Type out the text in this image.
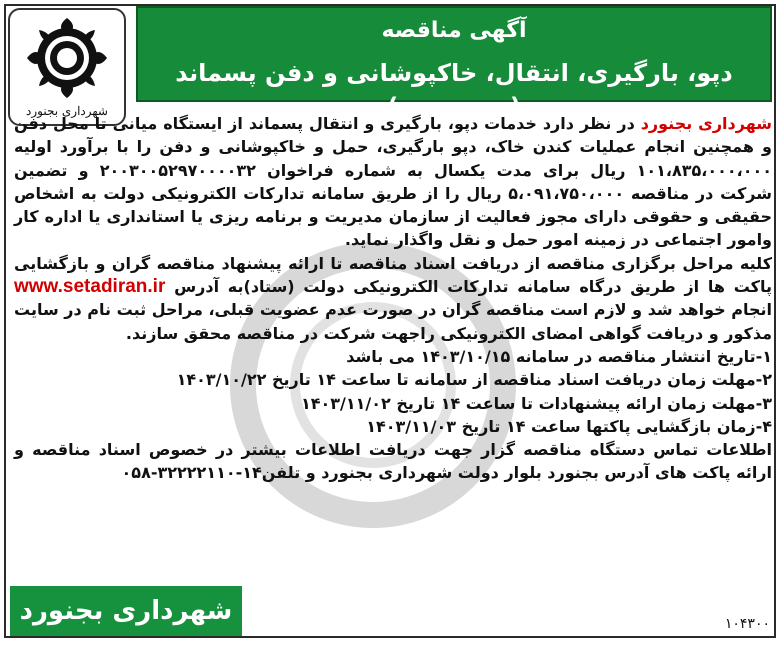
آگهی مناقصه
دپو، بارگیری، انتقال، خاکپوشانی و دفن پسماند (نوبت دوم)
شهرداری بجنورد

شهرداری بجنورد در نظر دارد خدمات دپو، بارگیری و انتقال پسماند از ایستگاه میانی تا محل دفن و همچنین انجام عملیات کندن خاک، دپو بارگیری، حمل و خاکپوشانی و دفن را با برآورد اولیه ۱۰۱،۸۳۵،۰۰۰،۰۰۰ ریال برای مدت یکسال به شماره فراخوان ۲۰۰۳۰۰۵۲۹۷۰۰۰۰۳۲ و تضمین شرکت در مناقصه ۵،۰۹۱،۷۵۰،۰۰۰ ریال را از طریق سامانه تدارکات الکترونیکی دولت به اشخاص حقیقی و حقوقی دارای مجوز فعالیت از سازمان مدیریت و برنامه ریزی یا استانداری یا اداره کار وامور اجتماعی در زمینه امور حمل و نقل واگذار نماید.

کلیه مراحل برگزاری مناقصه از دریافت اسناد مناقصه تا ارائه پیشنهاد مناقصه گران و بازگشایی پاکت ها از طریق درگاه سامانه تدارکات الکترونیکی دولت (ستاد)به آدرس www.setadiran.ir انجام خواهد شد و لازم است مناقصه گران در صورت عدم عضویت قبلی، مراحل ثبت نام در سایت مذکور و دریافت گواهی امضای الکترونیکی راجهت شرکت در مناقصه محقق سازند.

۱-تاریخ انتشار مناقصه در سامانه ۱۴۰۳/۱۰/۱۵ می باشد
۲-مهلت زمان دریافت اسناد مناقصه از سامانه تا ساعت ۱۴ تاریخ ۱۴۰۳/۱۰/۲۲
۳-مهلت زمان ارائه پیشنهادات تا ساعت ۱۴ تاریخ ۱۴۰۳/۱۱/۰۲
۴-زمان بازگشایی پاکتها ساعت ۱۴ تاریخ ۱۴۰۳/۱۱/۰۳

اطلاعات تماس دستگاه مناقصه گزار جهت دریافت اطلاعات بیشتر در خصوص اسناد مناقصه و ارائه پاکت های آدرس بجنورد بلوار دولت شهرداری بجنورد و تلفن۱۴-۳۲۲۲۲۱۱۰-۰۵۸

شهرداری بجنورد	۱۰۴۳۰۰
